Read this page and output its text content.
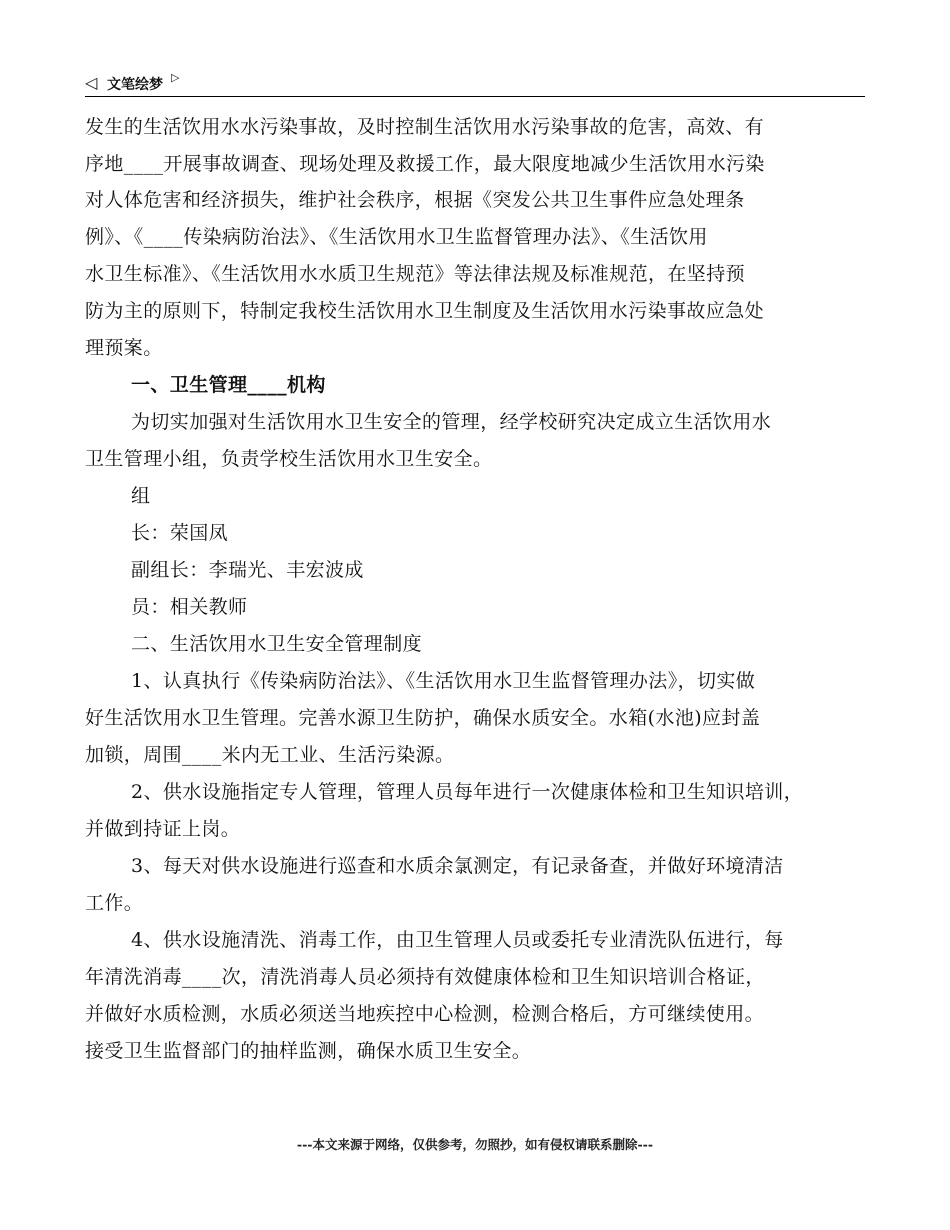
◁ 文笔绘梦 ▷
发生的生活饮用水水污染事故，及时控制生活饮用水污染事故的危害，高效、有
序地____开展事故调查、现场处理及救援工作，最大限度地减少生活饮用水污染
对人体危害和经济损失，维护社会秩序，根据《突发公共卫生事件应急处理条
例》、《____传染病防治法》、《生活饮用水卫生监督管理办法》、《生活饮用
水卫生标准》、《生活饮用水水质卫生规范》等法律法规及标准规范，在坚持预
防为主的原则下，特制定我校生活饮用水卫生制度及生活饮用水污染事故应急处
理预案。
一、卫生管理____机构
为切实加强对生活饮用水卫生安全的管理，经学校研究决定成立生活饮用水
卫生管理小组，负责学校生活饮用水卫生安全。
组
长：荣国凤
副组长：李瑞光、丰宏波成
员：相关教师
二、生活饮用水卫生安全管理制度
1、认真执行《传染病防治法》、《生活饮用水卫生监督管理办法》，切实做
好生活饮用水卫生管理。完善水源卫生防护，确保水质安全。水箱(水池)应封盖
加锁，周围____米内无工业、生活污染源。
2、供水设施指定专人管理，管理人员每年进行一次健康体检和卫生知识培训，
并做到持证上岗。
3、每天对供水设施进行巡查和水质余氯测定，有记录备查，并做好环境清洁
工作。
4、供水设施清洗、消毒工作，由卫生管理人员或委托专业清洗队伍进行，每
年清洗消毒____次，清洗消毒人员必须持有效健康体检和卫生知识培训合格证，
并做好水质检测，水质必须送当地疾控中心检测，检测合格后，方可继续使用。
接受卫生监督部门的抽样监测，确保水质卫生安全。
---本文来源于网络，仅供参考，勿照抄，如有侵权请联系删除---
